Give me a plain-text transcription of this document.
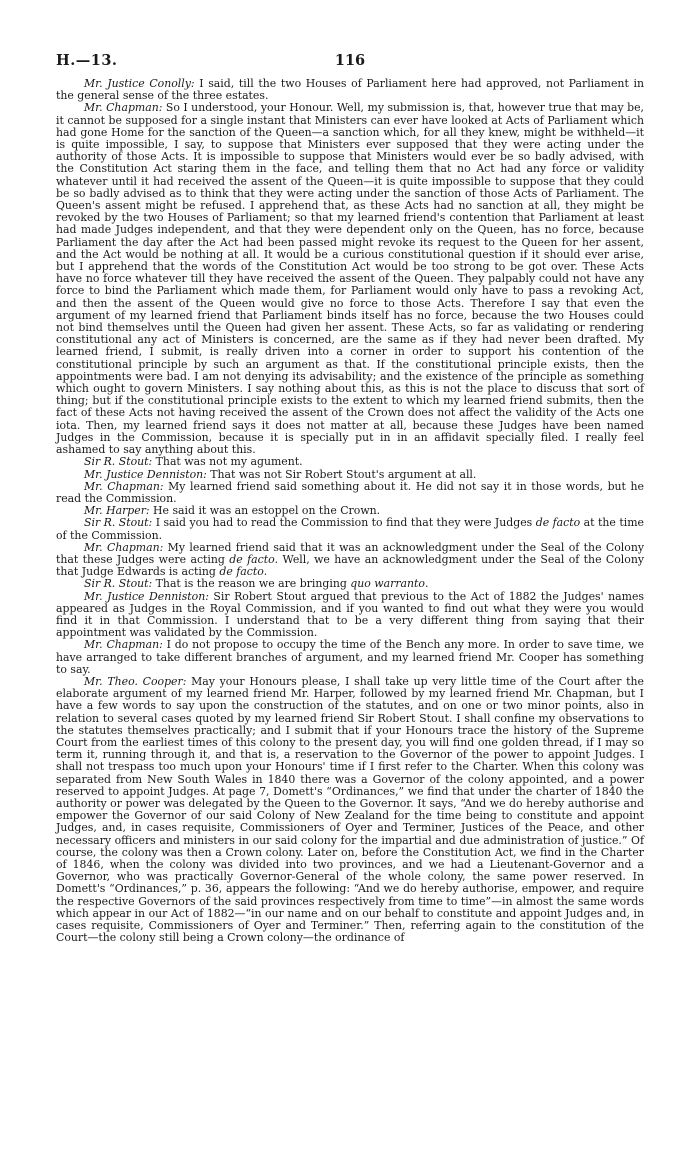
H.—13.	116

Mr. Justice Conolly: I said, till the two Houses of Parliament here had approved, not Parliament in the general sense of the three estates.

Mr. Chapman: So I understood, your Honour. Well, my submission is, that, however true that may be, it cannot be supposed for a single instant that Ministers can ever have looked at Acts of Parliament which had gone Home for the sanction of the Queen—a sanction which, for all they knew, might be withheld—it is quite impossible, I say, to suppose that Ministers ever supposed that they were acting under the authority of those Acts. It is impossible to suppose that Ministers would ever be so badly advised, with the Constitution Act staring them in the face, and telling them that no Act had any force or validity whatever until it had received the assent of the Queen—it is quite impossible to suppose that they could be so badly advised as to think that they were acting under the sanction of those Acts of Parliament. The Queen's assent might be refused. I apprehend that, as these Acts had no sanction at all, they might be revoked by the two Houses of Parliament; so that my learned friend's contention that Parliament at least had made Judges independent, and that they were dependent only on the Queen, has no force, because Parliament the day after the Act had been passed might revoke its request to the Queen for her assent, and the Act would be nothing at all. It would be a curious constitutional question if it should ever arise, but I apprehend that the words of the Constitution Act would be too strong to be got over. These Acts have no force whatever till they have received the assent of the Queen. They palpably could not have any force to bind the Parliament which made them, for Parliament would only have to pass a revoking Act, and then the assent of the Queen would give no force to those Acts. Therefore I say that even the argument of my learned friend that Parliament binds itself has no force, because the two Houses could not bind themselves until the Queen had given her assent. These Acts, so far as validating or rendering constitutional any act of Ministers is concerned, are the same as if they had never been drafted. My learned friend, I submit, is really driven into a corner in order to support his contention of the constitutional principle by such an argument as that. If the constitutional principle exists, then the appointments were bad. I am not denying its advisability; and the existence of the principle as something which ought to govern Ministers. I say nothing about this, as this is not the place to discuss that sort of thing; but if the constitutional principle exists to the extent to which my learned friend submits, then the fact of these Acts not having received the assent of the Crown does not affect the validity of the Acts one iota. Then, my learned friend says it does not matter at all, because these Judges have been named Judges in the Commission, because it is specially put in in an affidavit specially filed. I really feel ashamed to say anything about this.

Sir R. Stout: That was not my agument.

Mr. Justice Denniston: That was not Sir Robert Stout's argument at all.

Mr. Chapman: My learned friend said something about it. He did not say it in those words, but he read the Commission.

Mr. Harper: He said it was an estoppel on the Crown.

Sir R. Stout: I said you had to read the Commission to find that they were Judges de facto at the time of the Commission.

Mr. Chapman: My learned friend said that it was an acknowledgment under the Seal of the Colony that these Judges were acting de facto. Well, we have an acknowledgment under the Seal of the Colony that Judge Edwards is acting de facto.

Sir R. Stout: That is the reason we are bringing quo warranto.

Mr. Justice Denniston: Sir Robert Stout argued that previous to the Act of 1882 the Judges' names appeared as Judges in the Royal Commission, and if you wanted to find out what they were you would find it in that Commission. I understand that to be a very different thing from saying that their appointment was validated by the Commission.

Mr. Chapman: I do not propose to occupy the time of the Bench any more. In order to save time, we have arranged to take different branches of argument, and my learned friend Mr. Cooper has something to say.

Mr. Theo. Cooper: May your Honours please, I shall take up very little time of the Court after the elaborate argument of my learned friend Mr. Harper, followed by my learned friend Mr. Chapman, but I have a few words to say upon the construction of the statutes, and on one or two minor points, also in relation to several cases quoted by my learned friend Sir Robert Stout. I shall confine my observations to the statutes themselves practically; and I submit that if your Honours trace the history of the Supreme Court from the earliest times of this colony to the present day, you will find one golden thread, if I may so term it, running through it, and that is, a reservation to the Governor of the power to appoint Judges. I shall not trespass too much upon your Honours' time if I first refer to the Charter. When this colony was separated from New South Wales in 1840 there was a Governor of the colony appointed, and a power reserved to appoint Judges. At page 7, Domett's “Ordinances,” we find that under the charter of 1840 the authority or power was delegated by the Queen to the Governor. It says, “And we do hereby authorise and empower the Governor of our said Colony of New Zealand for the time being to constitute and appoint Judges, and, in cases requisite, Commissioners of Oyer and Terminer, Justices of the Peace, and other necessary officers and ministers in our said colony for the impartial and due administration of justice.” Of course, the colony was then a Crown colony. Later on, before the Constitution Act, we find in the Charter of 1846, when the colony was divided into two provinces, and we had a Lieutenant-Governor and a Governor, who was practically Governor-General of the whole colony, the same power reserved. In Domett's “Ordinances,” p. 36, appears the following: “And we do hereby authorise, empower, and require the respective Governors of the said provinces respectively from time to time”—in almost the same words which appear in our Act of 1882—“in our name and on our behalf to constitute and appoint Judges and, in cases requisite, Commissioners of Oyer and Terminer.” Then, referring again to the constitution of the Court—the colony still being a Crown colony—the ordinance of
